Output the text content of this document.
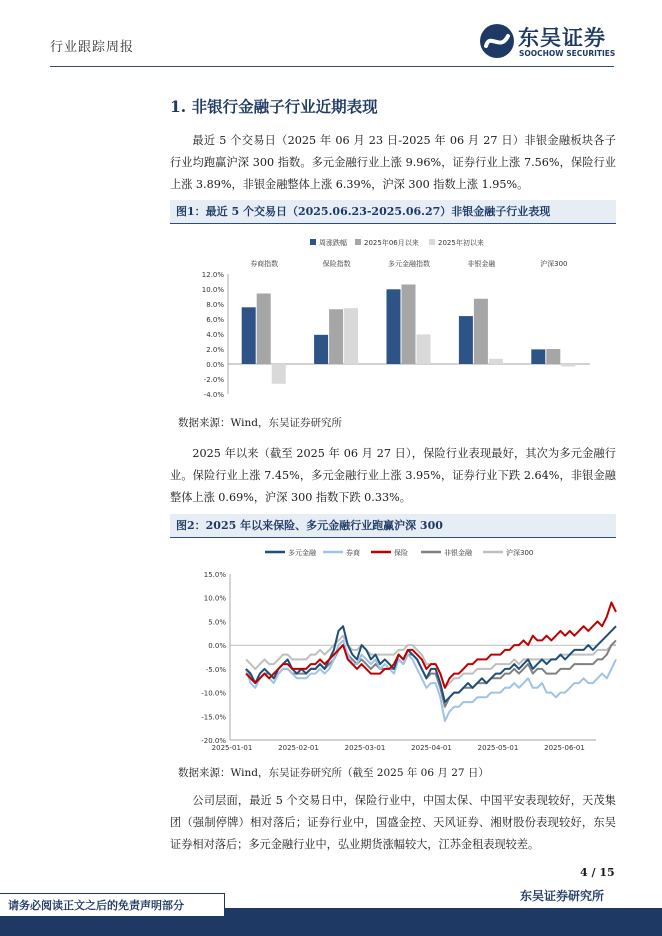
行业跟踪周报	东吴证券
SOOCHOW SECURITIES
1. 非银行金融子行业近期表现

最近 5 个交易日（2025 年 06 月 23 日-2025 年 06 月 27 日）非银金融板块各子行业均跑赢沪深 300 指数。多元金融行业上涨 9.96%，证券行业上涨 7.56%，保险行业上涨 3.89%，非银金融整体上涨 6.39%，沪深 300 指数上涨 1.95%。

图1：最近 5 个交易日（2025.06.23-2025.06.27）非银金融子行业表现
周涨跌幅 2025年06月以来	2025年初以来
12.0%
10.0%
8.0%
6.0%
4.0%
2.0%
0.0%
-2.0%
-4.0%
券商指数	保险指数	多元金融指数	非银金融	沪深300
数据来源：Wind，东吴证券研究所

2025 年以来（截至 2025 年 06 月 27 日），保险行业表现最好，其次为多元金融行业。保险行业上涨 7.45%，多元金融行业上涨 3.95%，证券行业下跌 2.64%，非银金融整体上涨 0.69%，沪深 300 指数下跌 0.33%。

图2：2025 年以来保险、多元金融行业跑赢沪深 300
多元金融	券商	保险	非银金融	沪深300
15.0%
10.0%
5.0%
0.0%
-5.0%
-10.0%
-15.0%
-20.0%
2025-01-01	2025-02-01	2025-03-01	2025-04-01	2025-05-01	2025-06-01
数据来源：Wind，东吴证券研究所（截至 2025 年 06 月 27 日）

公司层面，最近 5 个交易日中，保险行业中，中国太保、中国平安表现较好，天茂集团（强制停牌）相对落后；证券行业中，国盛金控、天风证券、湘财股份表现较好，东吴证券相对落后；多元金融行业中，弘业期货涨幅较大，江苏金租表现较差。

4 / 15
东吴证券研究所
请务必阅读正文之后的免责声明部分
